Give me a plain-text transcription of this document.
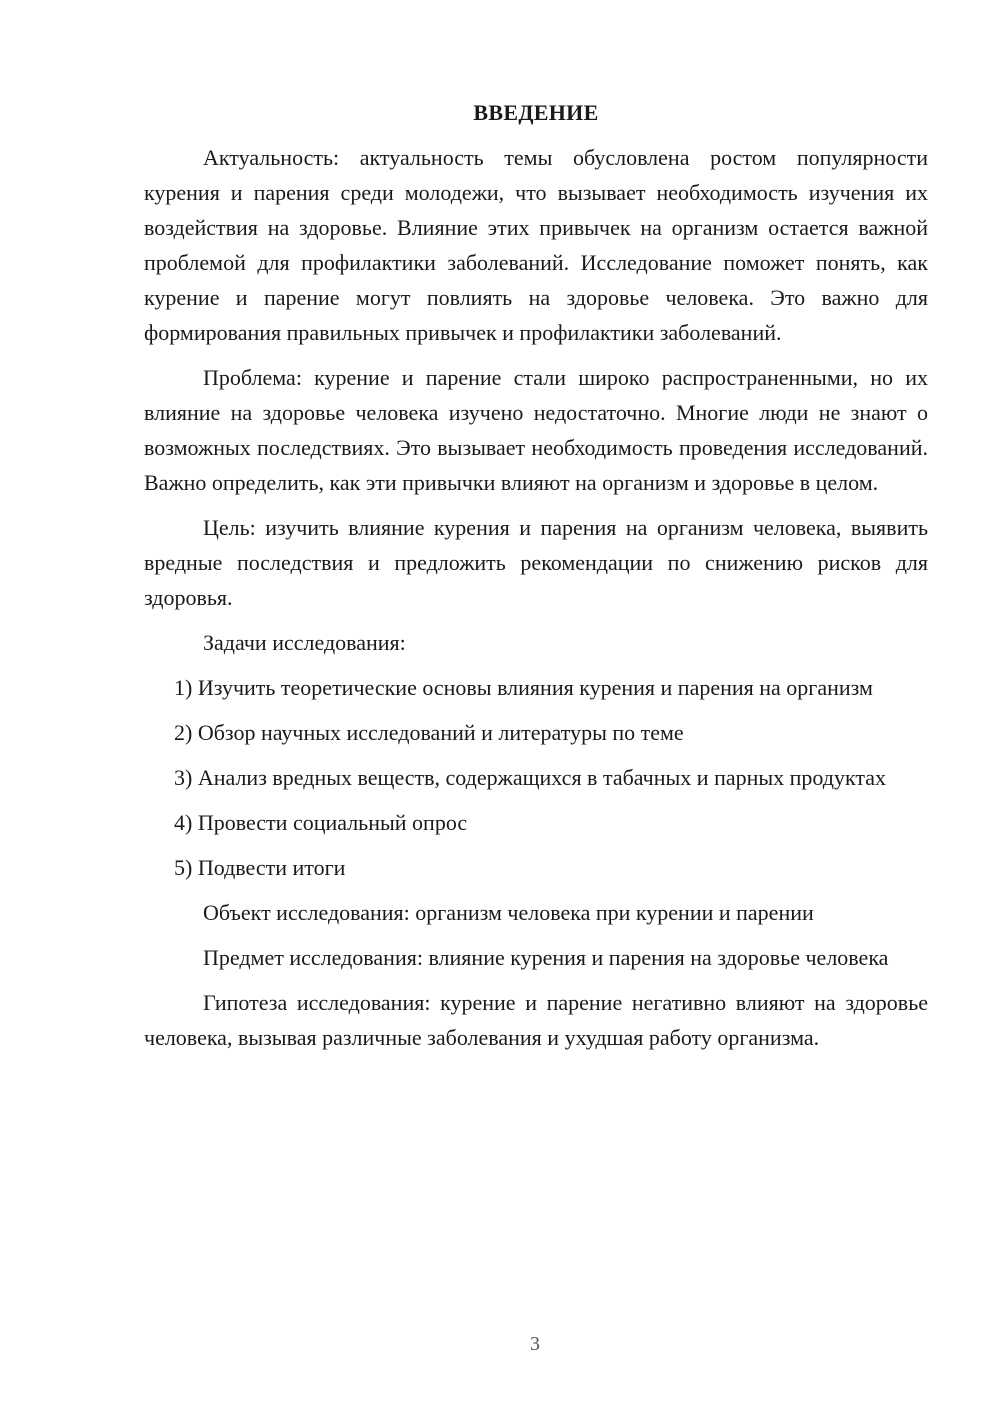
ВВЕДЕНИЕ

Актуальность: актуальность темы обусловлена ростом популярности курения и парения среди молодежи, что вызывает необходимость изучения их воздействия на здоровье. Влияние этих привычек на организм остается важной проблемой для профилактики заболеваний. Исследование поможет понять, как курение и парение могут повлиять на здоровье человека. Это важно для формирования правильных привычек и профилактики заболеваний.

Проблема: курение и парение стали широко распространенными, но их влияние на здоровье человека изучено недостаточно. Многие люди не знают о возможных последствиях. Это вызывает необходимость проведения исследований. Важно определить, как эти привычки влияют на организм и здоровье в целом.

Цель: изучить влияние курения и парения на организм человека, выявить вредные последствия и предложить рекомендации по снижению рисков для здоровья.

Задачи исследования:

1) Изучить теоретические основы влияния курения и парения на организм

2) Обзор научных исследований и литературы по теме

3) Анализ вредных веществ, содержащихся в табачных и парных продуктах

4) Провести социальный опрос

5) Подвести итоги

Объект исследования: организм человека при курении и парении

Предмет исследования: влияние курения и парения на здоровье человека

Гипотеза исследования: курение и парение негативно влияют на здоровье человека, вызывая различные заболевания и ухудшая работу организма.

3
